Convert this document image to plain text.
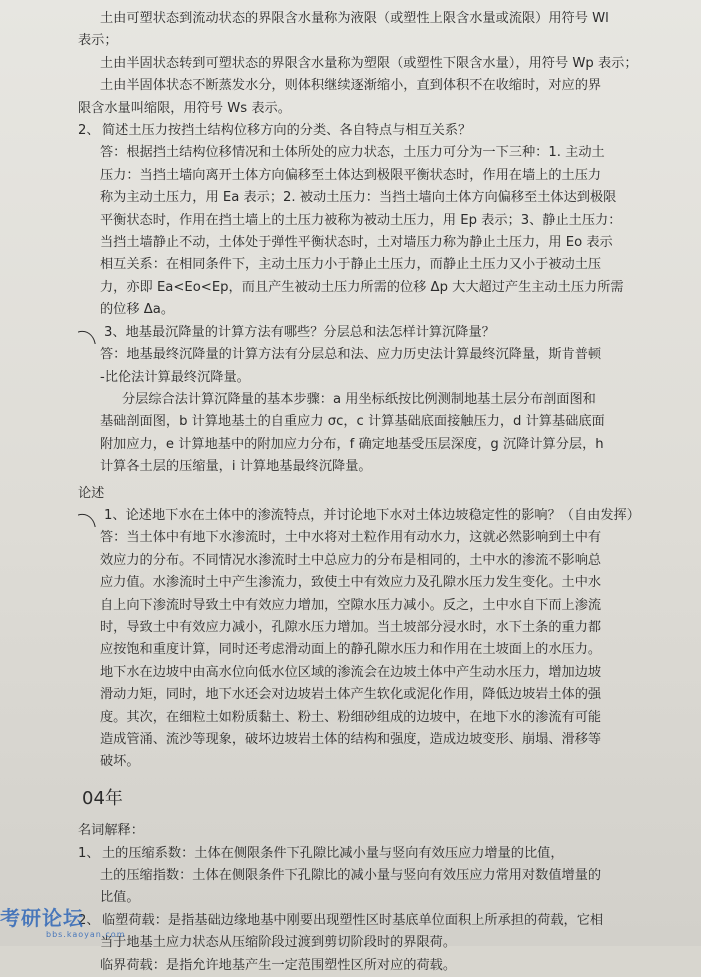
土由可塑状态到流动状态的界限含水量称为液限（或塑性上限含水量或流限）用符号 Wl

表示；

土由半固状态转到可塑状态的界限含水量称为塑限（或塑性下限含水量），用符号 Wp 表示；

土由半固体状态不断蒸发水分，则体积继续逐渐缩小，直到体积不在收缩时，对应的界

限含水量叫缩限，用符号 Ws 表示。

2、 简述土压力按挡土结构位移方向的分类、各自特点与相互关系？

答：根据挡土结构位移情况和土体所处的应力状态，土压力可分为一下三种：1. 主动土

压力：当挡土墙向离开土体方向偏移至土体达到极限平衡状态时，作用在墙上的土压力

称为主动土压力，用 Ea 表示；2. 被动土压力：当挡土墙向土体方向偏移至土体达到极限

平衡状态时，作用在挡土墙上的土压力被称为被动土压力，用 Ep 表示；3、静止土压力：

当挡土墙静止不动，土体处于弹性平衡状态时，土对墙压力称为静止土压力，用 Eo 表示

相互关系：在相同条件下，主动土压力小于静止土压力，而静止土压力又小于被动土压

力，亦即 Ea<Eo<Ep，而且产生被动土压力所需的位移 Δp 大大超过产生主动土压力所需

的位移 Δa。

3、地基最沉降量的计算方法有哪些？分层总和法怎样计算沉降量？

答：地基最终沉降量的计算方法有分层总和法、应力历史法计算最终沉降量，斯肯普顿

-比伦法计算最终沉降量。

分层综合法计算沉降量的基本步骤：a 用坐标纸按比例测制地基土层分布剖面图和

基础剖面图，b 计算地基土的自重应力 σc，c 计算基础底面接触压力，d 计算基础底面

附加应力，e 计算地基中的附加应力分布，f 确定地基受压层深度，g 沉降计算分层，h

计算各土层的压缩量，i 计算地基最终沉降量。

论述

1、论述地下水在土体中的渗流特点，并讨论地下水对土体边坡稳定性的影响？（自由发挥）

答：当土体中有地下水渗流时，土中水将对土粒作用有动水力，这就必然影响到土中有

效应力的分布。不同情况水渗流时土中总应力的分布是相同的，土中水的渗流不影响总

应力值。水渗流时土中产生渗流力，致使土中有效应力及孔隙水压力发生变化。土中水

自上向下渗流时导致土中有效应力增加，空隙水压力减小。反之，土中水自下而上渗流

时，导致土中有效应力减小，孔隙水压力增加。当土坡部分浸水时，水下土条的重力都

应按饱和重度计算，同时还考虑滑动面上的静孔隙水压力和作用在土坡面上的水压力。

地下水在边坡中由高水位向低水位区域的渗流会在边坡土体中产生动水压力，增加边坡

滑动力矩，同时，地下水还会对边坡岩土体产生软化或泥化作用，降低边坡岩土体的强

度。其次，在细粒土如粉质黏土、粉土、粉细砂组成的边坡中，在地下水的渗流有可能

造成管涌、流沙等现象，破坏边坡岩土体的结构和强度，造成边坡变形、崩塌、滑移等

破坏。

04年

名词解释：

1、 土的压缩系数：土体在侧限条件下孔隙比减小量与竖向有效压应力增量的比值，

土的压缩指数：土体在侧限条件下孔隙比的减小量与竖向有效压应力常用对数值增量的

比值。

2、 临塑荷载：是指基础边缘地基中刚要出现塑性区时基底单位面积上所承担的荷载，它相

当于地基土应力状态从压缩阶段过渡到剪切阶段时的界限荷。

临界荷载：是指允许地基产生一定范围塑性区所对应的荷载。

考研论坛
bbs.kaoyan.com
